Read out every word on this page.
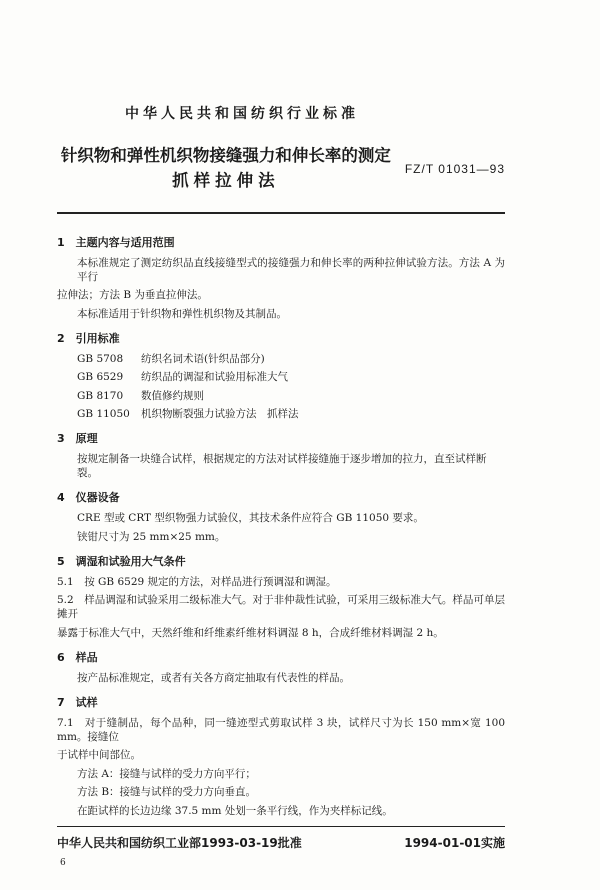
中华人民共和国纺织行业标准
针织物和弹性机织物接缝强力和伸长率的测定
抓样拉伸法
FZ/T 01031—93
1　主题内容与适用范围
本标准规定了测定纺织品直线接缝型式的接缝强力和伸长率的两种拉伸试验方法。方法 A 为平行
拉伸法；方法 B 为垂直拉伸法。
本标准适用于针织物和弹性机织物及其制品。
2　引用标准
GB 5708	纺织名词术语(针织品部分)
GB 6529	纺织品的调湿和试验用标准大气
GB 8170	数值修约规则
GB 11050	机织物断裂强力试验方法　抓样法
3　原理
按规定制备一块缝合试样，根据规定的方法对试样接缝施于逐步增加的拉力，直至试样断裂。
4　仪器设备
CRE 型或 CRT 型织物强力试验仪，其技术条件应符合 GB 11050 要求。
铗钳尺寸为 25 mm×25 mm。
5　调湿和试验用大气条件
5.1　按 GB 6529 规定的方法，对样品进行预调湿和调湿。
5.2　样品调湿和试验采用二级标准大气。对于非仲裁性试验，可采用三级标准大气。样品可单层摊开
暴露于标准大气中，天然纤维和纤维素纤维材料调湿 8 h，合成纤维材料调湿 2 h。
6　样品
按产品标准规定，或者有关各方商定抽取有代表性的样品。
7　试样
7.1　对于缝制品，每个品种，同一缝迹型式剪取试样 3 块，试样尺寸为长 150 mm×宽 100 mm。接缝位
于试样中间部位。
方法 A：接缝与试样的受力方向平行；
方法 B：接缝与试样的受力方向垂直。
在距试样的长边边缘 37.5 mm 处划一条平行线，作为夹样标记线。
中华人民共和国纺织工业部1993-03-19批准	1994-01-01实施
6
